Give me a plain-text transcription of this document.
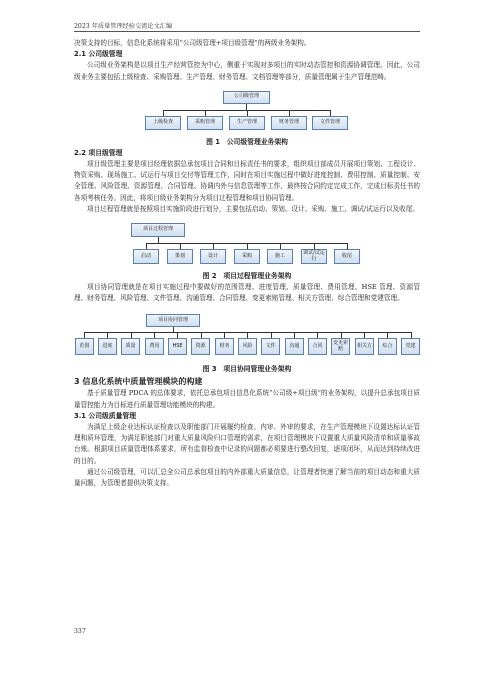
2023 年质量管理经验交流论文汇编

决策支持的目标，信息化系统将采用“公司级管理+项目级管理”的两级业务架构。

2.1 公司级管理

公司级业务架构是以项目生产经营管控为中心，侧重于实现对多项目的实时动态管控和资源协调管理。因此，公司级业务主要包括上级检查、采购管理、生产管理、财务管理、文档管理等部分，质量管理属于生产管理范畴。

公司级管理
上级检查	采购管理	生产管理	财务管理	文件管理
图 1　公司级管理业务架构
2.2 项目级管理

项目级管理主要是项目经理依据总承包项目合同和目标责任书的要求，组织项目部成员开展项目策划、工程设计、物资采购、现场施工、试运行与项目交付等管理工作，同时在项目实施过程中做好进度控制、费用控制、质量控制、安全管理、风险管理、资源管理、合同管理、协调内外与信息管理等工作，最终按合同约定完成工作，完成目标责任书的各项考核任务。因此，将项目级业务架构分为项目过程管理和项目协同管理。

项目过程管理就是按照项目实施阶段进行划分，主要包括启动、策划、设计、采购、施工、调试/试运行以及收尾。

项目过程管理
启动	策划	设计	采购	施工	调试/试运行	收尾
图 2　项目过程管理业务架构

项目协同管理就是在项目实施过程中要做好的范围管理、进度管理、质量管理、费用管理、HSE 管理、资源管理、财务管理、风险管理、文件管理、沟通管理、合同管理、变更索赔管理、相关方管理、综合管理和党建管理。

项目协同管理
范围	进度	质量	费用	HSE	资源	财务	风险	文件	沟通	合同	变更索赔	相关方	综合	党建
图 3　项目协同管理业务架构
3 信息化系统中质量管理模块的构建

基于质量管理 PDCA 的总体要求，依托总承包项目信息化系统“公司级+项目级”的业务架构，以提升总承包项目质量管控能力为目标进行质量管理功能模块的构建。

3.1 公司级质量管理

为满足上级企业达标认证检查以及职能部门开展履约检查、内审、外审的要求，在生产管理模块下设置达标认证管理和质环管理，为满足职能部门对重大质量风险归口管理的需求，在项目管理模块下设置重大质量风险清单和质量事故台账。根据项目质量管理体系要求，所有监督检查中记录的问题都必须要进行整改回复，逐项闭环，从而达到持续改进的目的。

通过公司级管理，可以汇总全公司总承包项目的内外部重大质量信息，让管理者快速了解当前的项目动态和重大质量问题，为管理者提供决策支持。

337
